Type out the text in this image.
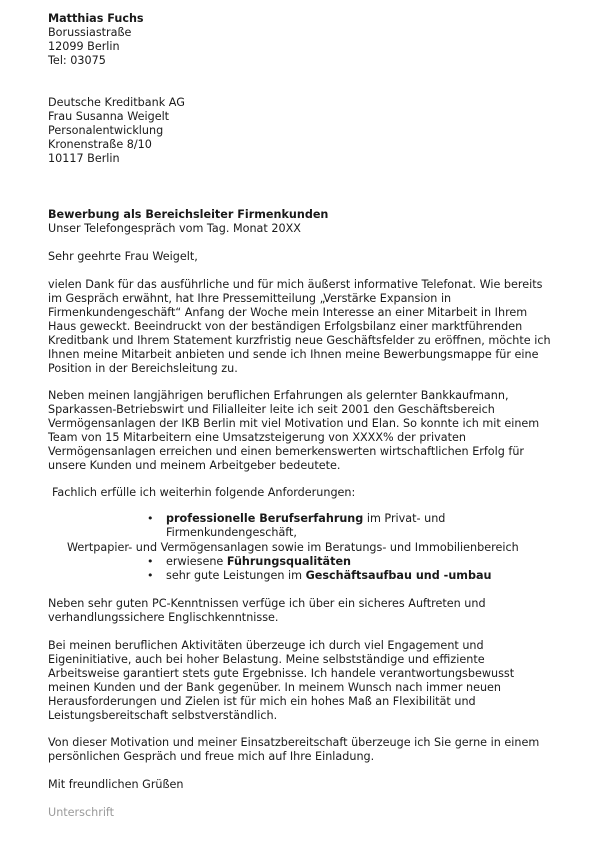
Matthias Fuchs
Borussiastraße
12099 Berlin
Tel: 03075
Deutsche Kreditbank AG
Frau Susanna Weigelt
Personalentwicklung
Kronenstraße 8/10
10117 Berlin
Bewerbung als Bereichsleiter Firmenkunden
Unser Telefongespräch vom Tag. Monat 20XX
Sehr geehrte Frau Weigelt,
vielen Dank für das ausführliche und für mich äußerst informative Telefonat. Wie bereits
im Gespräch erwähnt, hat Ihre Pressemitteilung „Verstärke Expansion in
Firmenkundengeschäft“ Anfang der Woche mein Interesse an einer Mitarbeit in Ihrem
Haus geweckt. Beeindruckt von der beständigen Erfolgsbilanz einer marktführenden
Kreditbank und Ihrem Statement kurzfristig neue Geschäftsfelder zu eröffnen, möchte ich
Ihnen meine Mitarbeit anbieten und sende ich Ihnen meine Bewerbungsmappe für eine
Position in der Bereichsleitung zu.
Neben meinen langjährigen beruflichen Erfahrungen als gelernter Bankkaufmann,
Sparkassen-Betriebswirt und Filialleiter leite ich seit 2001 den Geschäftsbereich
Vermögensanlagen der IKB Berlin mit viel Motivation und Elan. So konnte ich mit einem
Team von 15 Mitarbeitern eine Umsatzsteigerung von XXXX% der privaten
Vermögensanlagen erreichen und einen bemerkenswerten wirtschaftlichen Erfolg für
unsere Kunden und meinem Arbeitgeber bedeutete.
Fachlich erfülle ich weiterhin folgende Anforderungen:
• professionelle Berufserfahrung im Privat- und
Firmenkundengeschäft,
Wertpapier- und Vermögensanlagen sowie im Beratungs- und Immobilienbereich
• erwiesene Führungsqualitäten
• sehr gute Leistungen im Geschäftsaufbau und -umbau
Neben sehr guten PC-Kenntnissen verfüge ich über ein sicheres Auftreten und
verhandlungssichere Englischkenntnisse.
Bei meinen beruflichen Aktivitäten überzeuge ich durch viel Engagement und
Eigeninitiative, auch bei hoher Belastung. Meine selbstständige und effiziente
Arbeitsweise garantiert stets gute Ergebnisse. Ich handele verantwortungsbewusst
meinen Kunden und der Bank gegenüber. In meinem Wunsch nach immer neuen
Herausforderungen und Zielen ist für mich ein hohes Maß an Flexibilität und
Leistungsbereitschaft selbstverständlich.
Von dieser Motivation und meiner Einsatzbereitschaft überzeuge ich Sie gerne in einem
persönlichen Gespräch und freue mich auf Ihre Einladung.
Mit freundlichen Grüßen
Unterschrift
